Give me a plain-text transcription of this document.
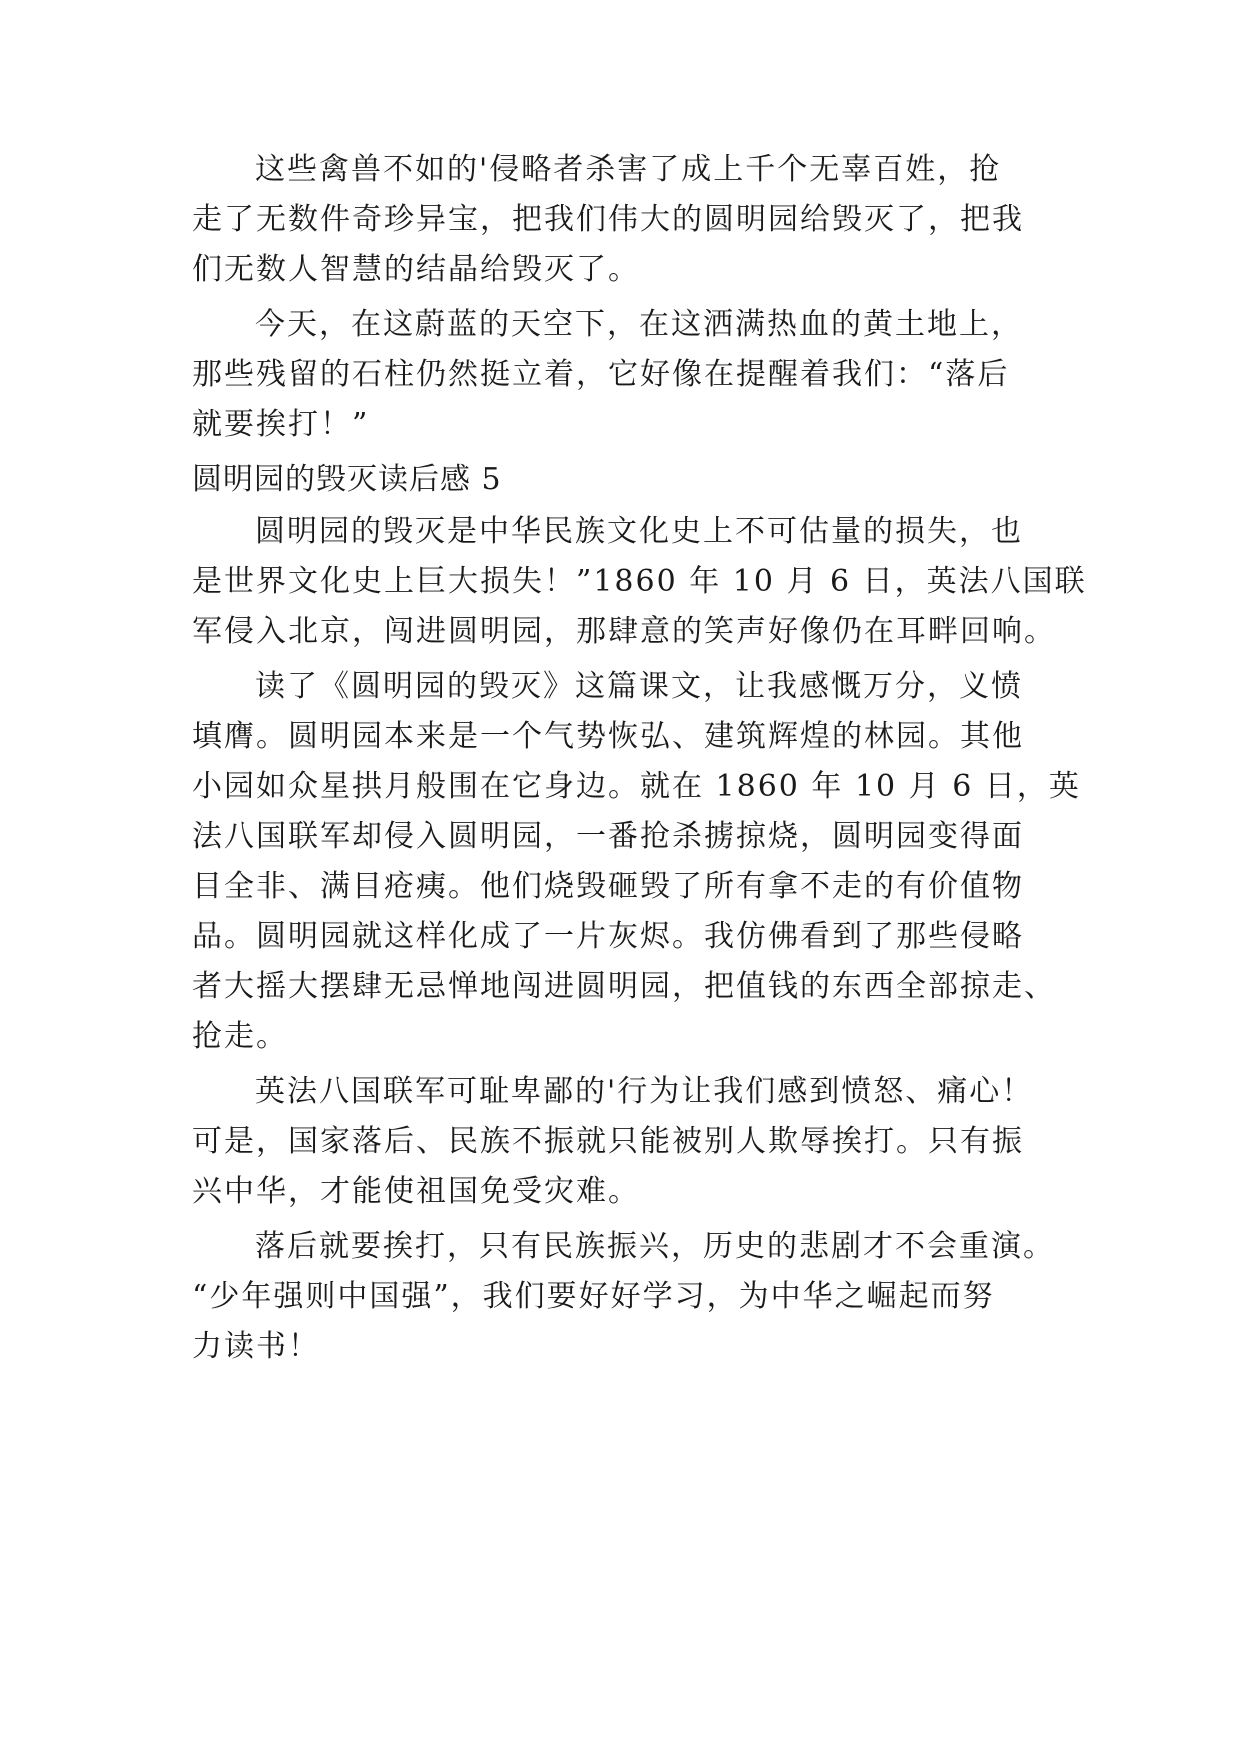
这些禽兽不如的'侵略者杀害了成上千个无辜百姓，抢
走了无数件奇珍异宝，把我们伟大的圆明园给毁灭了，把我
们无数人智慧的结晶给毁灭了。
今天，在这蔚蓝的天空下，在这洒满热血的黄土地上，
那些残留的石柱仍然挺立着，它好像在提醒着我们：“落后
就要挨打！”
圆明园的毁灭读后感 5
圆明园的毁灭是中华民族文化史上不可估量的损失，也
是世界文化史上巨大损失！”1860 年 10 月 6 日，英法八国联
军侵入北京，闯进圆明园，那肆意的笑声好像仍在耳畔回响。
读了《圆明园的毁灭》这篇课文，让我感慨万分，义愤
填膺。圆明园本来是一个气势恢弘、建筑辉煌的林园。其他
小园如众星拱月般围在它身边。就在 1860 年 10 月 6 日，英
法八国联军却侵入圆明园，一番抢杀掳掠烧，圆明园变得面
目全非、满目疮痍。他们烧毁砸毁了所有拿不走的有价值物
品。圆明园就这样化成了一片灰烬。我仿佛看到了那些侵略
者大摇大摆肆无忌惮地闯进圆明园，把值钱的东西全部掠走、
抢走。
英法八国联军可耻卑鄙的'行为让我们感到愤怒、痛心！
可是，国家落后、民族不振就只能被别人欺辱挨打。只有振
兴中华，才能使祖国免受灾难。
落后就要挨打，只有民族振兴，历史的悲剧才不会重演。
“少年强则中国强”，我们要好好学习，为中华之崛起而努
力读书！
